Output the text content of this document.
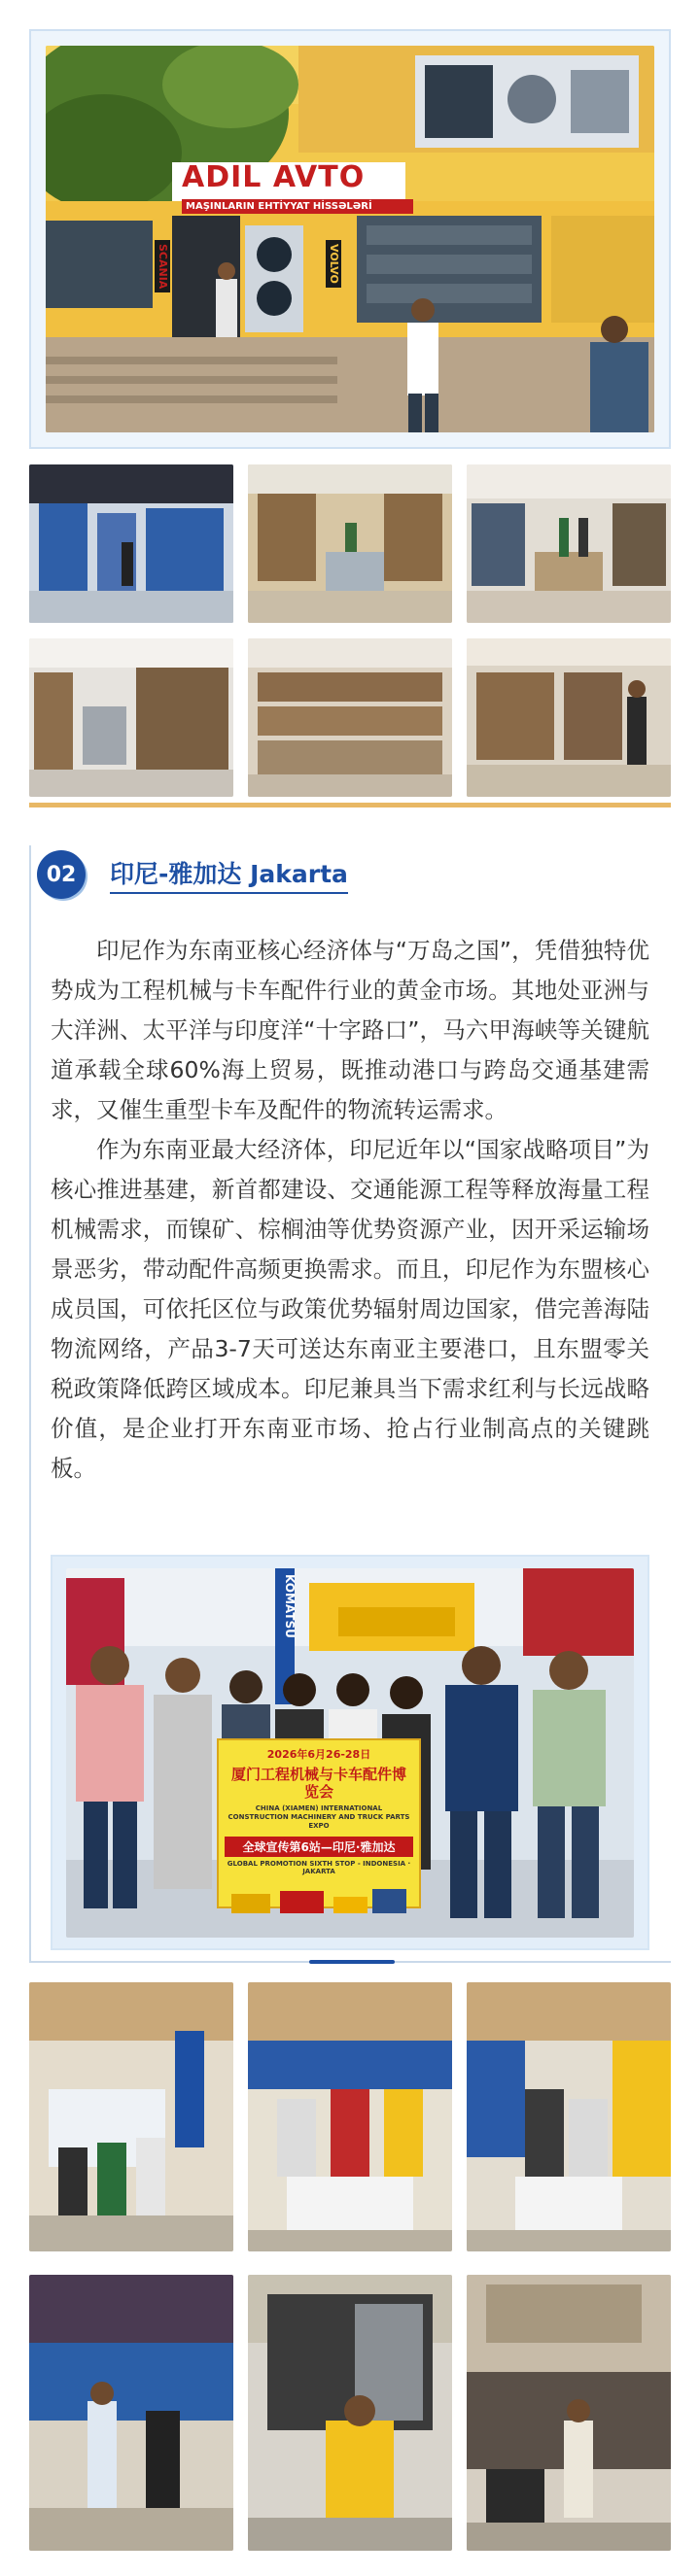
ADIL AVTO
MAŞINLARIN EHTİYYAT HİSSƏLƏRİ
SCANIA	VOLVO
02	印尼-雅加达 Jakarta

印尼作为东南亚核心经济体与“万岛之国”，凭借独特优势成为工程机械与卡车配件行业的黄金市场。其地处亚洲与大洋洲、太平洋与印度洋“十字路口”，马六甲海峡等关键航道承载全球60%海上贸易，既推动港口与跨岛交通基建需求，又催生重型卡车及配件的物流转运需求。

作为东南亚最大经济体，印尼近年以“国家战略项目”为核心推进基建，新首都建设、交通能源工程等释放海量工程机械需求，而镍矿、棕榈油等优势资源产业，因开采运输场景恶劣，带动配件高频更换需求。而且，印尼作为东盟核心成员国，可依托区位与政策优势辐射周边国家，借完善海陆物流网络，产品3-7天可送达东南亚主要港口，且东盟零关税政策降低跨区域成本。印尼兼具当下需求红利与长远战略价值，是企业打开东南亚市场、抢占行业制高点的关键跳板。

KOMATSU
2026年6月26-28日
厦门工程机械与卡车配件博览会
CHINA (XIAMEN) INTERNATIONAL CONSTRUCTION MACHINERY AND TRUCK PARTS EXPO
全球宣传第6站—印尼·雅加达
GLOBAL PROMOTION SIXTH STOP - INDONESIA · JAKARTA
